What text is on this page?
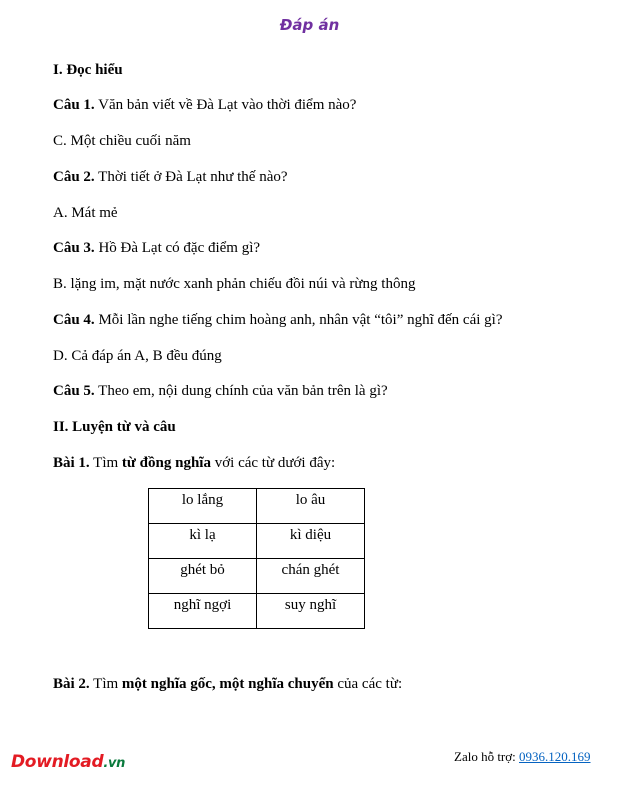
Đáp án
I. Đọc hiểu
Câu 1. Văn bản viết về Đà Lạt vào thời điểm nào?
C. Một chiều cuối năm
Câu 2. Thời tiết ở Đà Lạt như thế nào?
A. Mát mẻ
Câu 3. Hồ Đà Lạt có đặc điểm gì?
B. lặng im, mặt nước xanh phản chiếu đồi núi và rừng thông
Câu 4. Mỗi lần nghe tiếng chim hoàng anh, nhân vật “tôi” nghĩ đến cái gì?
D. Cả đáp án A, B đều đúng
Câu 5. Theo em, nội dung chính của văn bản trên là gì?
II. Luyện từ và câu
Bài 1. Tìm từ đồng nghĩa với các từ dưới đây:
lo lắng	lo âu
kì lạ	kì diệu
ghét bỏ	chán ghét
nghĩ ngợi	suy nghĩ
Bài 2. Tìm một nghĩa gốc, một nghĩa chuyển của các từ:
Download.vn	Zalo hỗ trợ: 0936.120.169
